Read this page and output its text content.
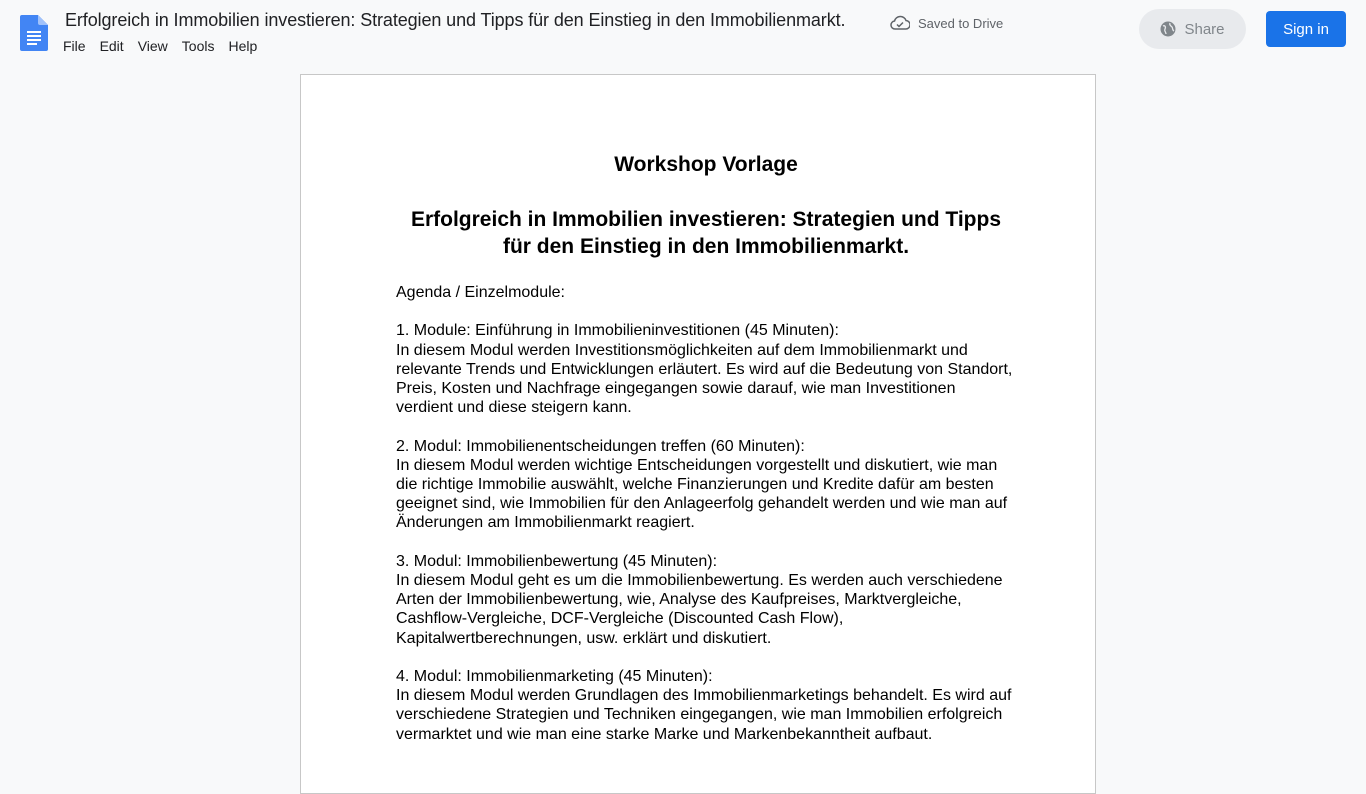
Erfolgreich in Immobilien investieren: Strategien und Tipps für den Einstieg in den Immobilienmarkt.	Saved to Drive
File	Edit	View	Tools	Help
Share	Sign in
Workshop Vorlage
Erfolgreich in Immobilien investieren: Strategien und Tipps für den Einstieg in den Immobilienmarkt.
Agenda / Einzelmodule:
1. Module: Einführung in Immobilieninvestitionen (45 Minuten):
In diesem Modul werden Investitionsmöglichkeiten auf dem Immobilienmarkt und relevante Trends und Entwicklungen erläutert. Es wird auf die Bedeutung von Standort, Preis, Kosten und Nachfrage eingegangen sowie darauf, wie man Investitionen verdient und diese steigern kann.
2. Modul: Immobilienentscheidungen treffen (60 Minuten):
In diesem Modul werden wichtige Entscheidungen vorgestellt und diskutiert, wie man die richtige Immobilie auswählt, welche Finanzierungen und Kredite dafür am besten geeignet sind, wie Immobilien für den Anlageerfolg gehandelt werden und wie man auf Änderungen am Immobilienmarkt reagiert.
3. Modul: Immobilienbewertung (45 Minuten):
In diesem Modul geht es um die Immobilienbewertung. Es werden auch verschiedene Arten der Immobilienbewertung, wie, Analyse des Kaufpreises, Marktvergleiche, Cashflow-Vergleiche, DCF-Vergleiche (Discounted Cash Flow), Kapitalwertberechnungen, usw. erklärt und diskutiert.
4. Modul: Immobilienmarketing (45 Minuten):
In diesem Modul werden Grundlagen des Immobilienmarketings behandelt. Es wird auf verschiedene Strategien und Techniken eingegangen, wie man Immobilien erfolgreich vermarktet und wie man eine starke Marke und Markenbekanntheit aufbaut.
